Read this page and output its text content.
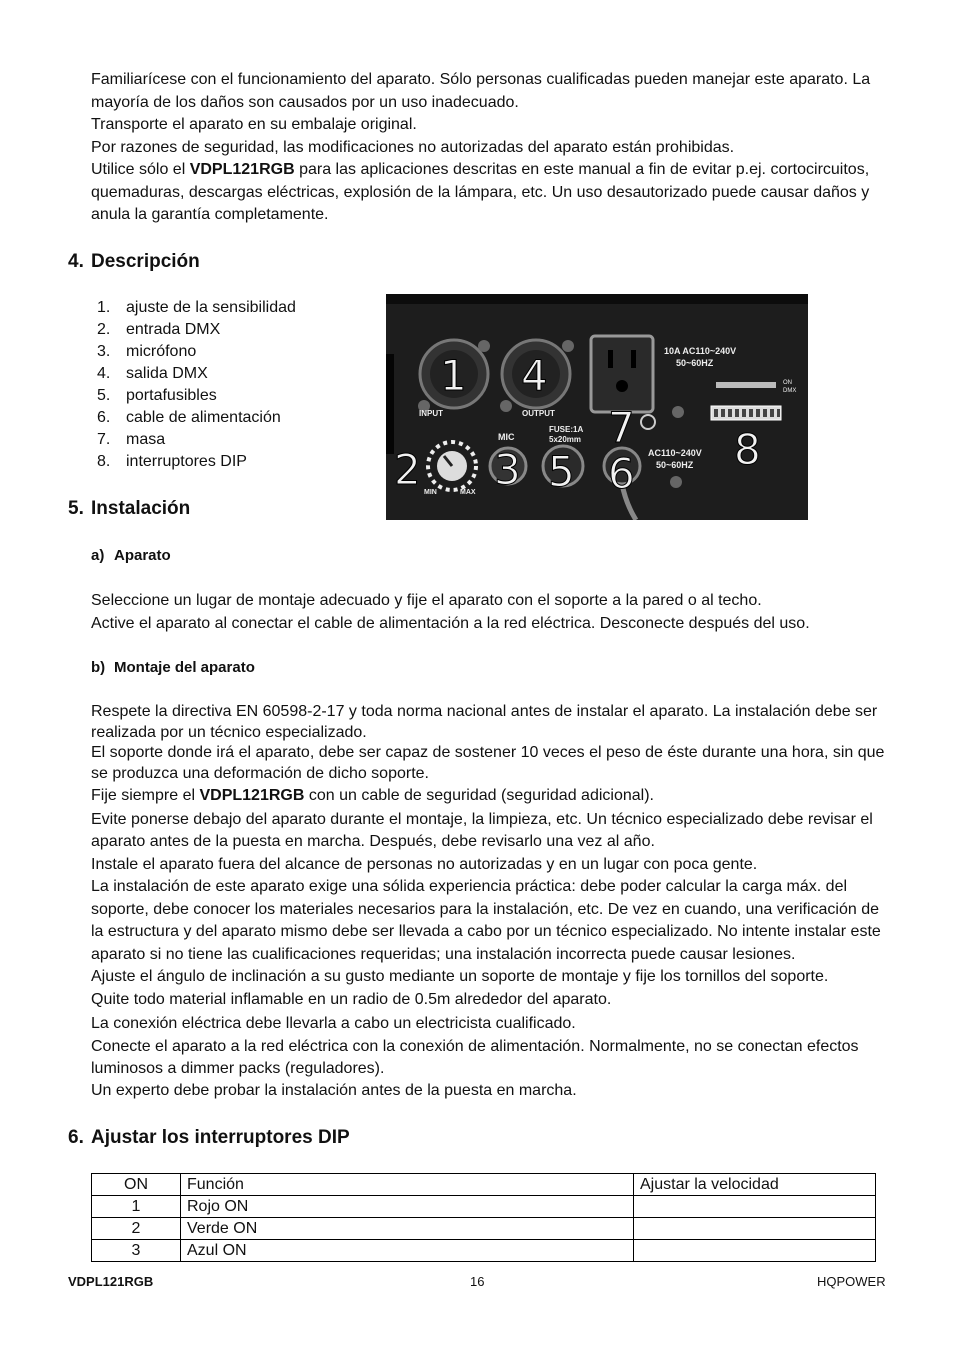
Familiarícese con el funcionamiento del aparato. Sólo personas cualificadas pueden manejar este aparato. La mayoría de los daños son causados por un uso inadecuado.

Transporte el aparato en su embalaje original.

Por razones de seguridad, las modificaciones no autorizadas del aparato están prohibidas.

Utilice sólo el VDPL121RGB para las aplicaciones descritas en este manual a fin de evitar p.ej. cortocircuitos, quemaduras, descargas eléctricas, explosión de la lámpara, etc. Un uso desautorizado puede causar daños y anula la garantía completamente.

4. Descripción
1. ajuste de la sensibilidad
2. entrada DMX
3. micrófono
4. salida DMX
5. portafusibles
6. cable de alimentación
7. masa
8. interruptores DIP
10A AC110~240V
50~60HZ
ON
DMX
INPUT	OUTPUT
MIC
FUSE:1A
5x20mm
AC110~240V
50~60HZ
MIN	MAX
1
2 3
4
5 6
7 8
5. Instalación
a) Aparato

Seleccione un lugar de montaje adecuado y fije el aparato con el soporte a la pared o al techo.

Active el aparato al conectar el cable de alimentación a la red eléctrica. Desconecte después del uso.

b) Montaje del aparato

Respete la directiva EN 60598-2-17 y toda norma nacional antes de instalar el aparato. La instalación debe ser realizada por un técnico especializado.

El soporte donde irá el aparato, debe ser capaz de sostener 10 veces el peso de éste durante una hora, sin que se produzca una deformación de dicho soporte.

Fije siempre el VDPL121RGB con un cable de seguridad (seguridad adicional).

Evite ponerse debajo del aparato durante el montaje, la limpieza, etc. Un técnico especializado debe revisar el aparato antes de la puesta en marcha. Después, debe revisarlo una vez al año.

Instale el aparato fuera del alcance de personas no autorizadas y en un lugar con poca gente.

La instalación de este aparato exige una sólida experiencia práctica: debe poder calcular la carga máx. del soporte, debe conocer los materiales necesarios para la instalación, etc. De vez en cuando, una verificación de la estructura y del aparato mismo debe ser llevada a cabo por un técnico especializado. No intente instalar este aparato si no tiene las cualificaciones requeridas; una instalación incorrecta puede causar lesiones.

Ajuste el ángulo de inclinación a su gusto mediante un soporte de montaje y fije los tornillos del soporte.

Quite todo material inflamable en un radio de 0.5m alrededor del aparato.

La conexión eléctrica debe llevarla a cabo un electricista cualificado.

Conecte el aparato a la red eléctrica con la conexión de alimentación. Normalmente, no se conectan efectos luminosos a dimmer packs (reguladores).

Un experto debe probar la instalación antes de la puesta en marcha.

6. Ajustar los interruptores DIP
ON	Función	Ajustar la velocidad
1	Rojo ON	
2	Verde ON	
3	Azul ON	
VDPL121RGB	16	HQPOWER
